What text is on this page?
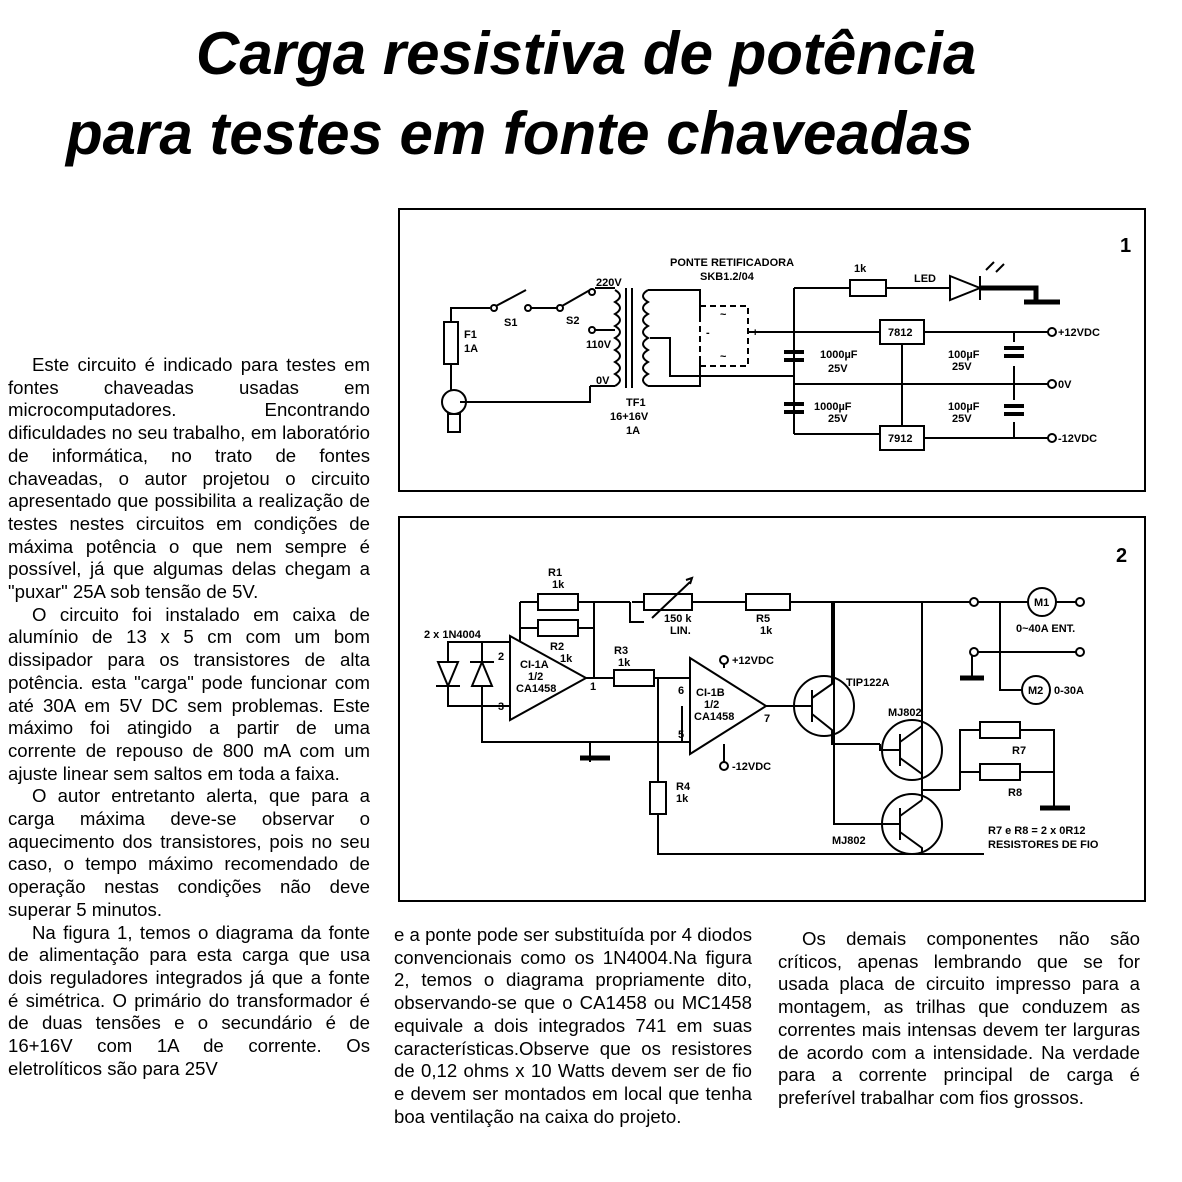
Carga resistiva de potência
para testes em fonte chaveadas

Este circuito é indicado para testes em fontes chaveadas usadas em microcomputadores. Encontrando dificuldades no seu trabalho, em laboratório de informática, no trato de fontes chaveadas, o autor projetou o circuito apresentado que possibilita a realização de testes nestes circuitos em condições de máxima potência o que nem sempre é possível, já que algumas delas chegam a "puxar" 25A sob tensão de 5V.

O circuito foi instalado em caixa de alumínio de 13 x 5 cm com um bom dissipador para os transistores de alta potência. esta "carga" pode funcionar com até 30A em 5V DC sem problemas. Este máximo foi atingido a partir de uma corrente de repouso de 800 mA com um ajuste linear sem saltos em toda a faixa.

O autor entretanto alerta, que para a carga máxima deve-se observar o aquecimento dos transistores, pois no seu caso, o tempo máximo recomendado de operação nestas condições não deve superar 5 minutos.

Na figura 1, temos o diagrama da fonte de alimentação para esta carga que usa dois reguladores integrados já que a fonte é simétrica. O primário do transformador é de duas tensões e o secundário é de 16+16V com 1A de corrente. Os eletrolíticos são para 25V

e a ponte pode ser substituída por 4 diodos convencionais como os 1N4004.Na figura 2, temos o diagrama propriamente dito, observando-se que o CA1458 ou MC1458 equivale a dois integrados 741 em suas características.Observe que os resistores de 0,12 ohms x 10 Watts devem ser de fio e devem ser montados em local que tenha boa ventilação na caixa do projeto.

Os demais componentes não são críticos, apenas lembrando que se for usada placa de circuito impresso para a montagem, as trilhas que conduzem as correntes mais intensas devem ter larguras de acordo com a intensidade. Na verdade para a corrente principal de carga é preferível trabalhar com fios grossos.

1
PONTE RETIFICADORA
SKB1.2/04
1k
LED
220V
110V
0V
S1	S2
F1
1A
TF1
16+16V
1A
1000µF
25V
1000µF
25V
100µF
25V
100µF
25V
7812
7912
+12VDC
0V
-12VDC
+
-
~
~
2
2 x 1N4004
R1
1k
R2
1k
R3
1k
R4
1k
R5
1k
150 k
LIN.
CI-1A
1/2
CA1458	CI-1B
1/2
CA1458
+12VDC
-12VDC
TIP122A
MJ802
MJ802
M1
0~40A ENT.
M2 0-30A
R7
R8
R7 e R8 = 2 x 0R12
RESISTORES DE FIO
1
2
3
5
6
7
